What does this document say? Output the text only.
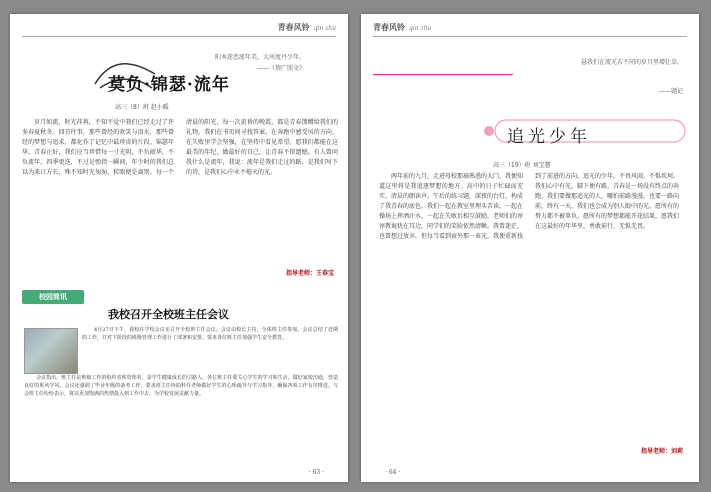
青春风铃 qin zhu
莫负·锦瑟·流年
阳本迷恋流年美，大河度丹少年。
——《情广照文》
高三（8）班 赵小暖

岁月如流，时光荏苒，不知不觉中我们已经走过了许多春夏秋冬。回首往事，那些曾经的欢笑与泪水，那些曾经的梦想与追求，都化作了记忆中最珍贵的片段。锦瑟年华，青春正好，我们应当珍惜每一寸光阴，不负韶华，不负流年。四季更迭，不过是弹指一瞬间，年少时的我们总以为来日方长，殊不知时光匆匆，转眼便是离别。每一个清晨的阳光，每一次黄昏的晚霞，都是青春馈赠给我们的礼物。我们在书页间寻找答案，在奔跑中感受风的方向，在失败里学会坚强，在坚持中看见希望。愿我们都能在这最美的年纪，做最好的自己，让青春不留遗憾。有人曾问我什么是流年，我说：流年是我们走过的路，是我们写下的诗，是我们心中永不熄灭的光。

指导老师：王春宝
校园简讯
我校召开全校班主任会议

4月27日下午，我校在学校会议室召开全校班主任会议。会议由校长主持，全体班主任参加。会议总结了近期的工作，并对下阶段的班级管理工作进行了部署和安排，要求各位班主任加强学生安全教育。

会议指出，班主任是班级工作的组织者和管理者，是学生健康成长的引路人。各位班主任要关心学生的学习和生活，做好家校沟通，营造良好的班风学风。会议还强调了毕业年级的备考工作，要求班主任协助科任老师做好学生的心理疏导与学习指导，确保各项工作有序推进。与会班主任纷纷表示，将以更加饱满的热情投入到工作中去，为学校发展贡献力量。

· 63 ·
青春风铃 qin zhu
悬我们在流光若不同的岁月里增壮草，
——题记
追光少年
高三（19）班 刘宝慧

两年前的九月，走进母校那扇熟悉的大门，我便知道这里将是我追逐梦想的地方。高中的日子忙碌而充实，清晨的朗读声，午后的练习题，深夜的台灯，构成了我青春的底色。我们一起在教室里埋头苦读，一起在操场上挥洒汗水，一起在失败后相互鼓励。老师们的谆谆教诲犹在耳边，同学们的笑脸依然清晰。我曾迷茫，也曾想过放弃，但每当看到窗外那一束光，我便重新找到了前进的方向。追光的少年，不畏风雨，不惧坎坷。我们心中有光，脚下便有路。青春是一场没有终点的奔跑，我们要做那追光的人，哪怕前路漫漫，也要一路向前，终有一天，我们也会成为别人眼中的光。愿所有的努力都不被辜负，愿所有的梦想都能开花结果，愿我们在这最好的年华里，勇敢前行，无惧无畏。

指导老师：刘莉
· 64 ·
